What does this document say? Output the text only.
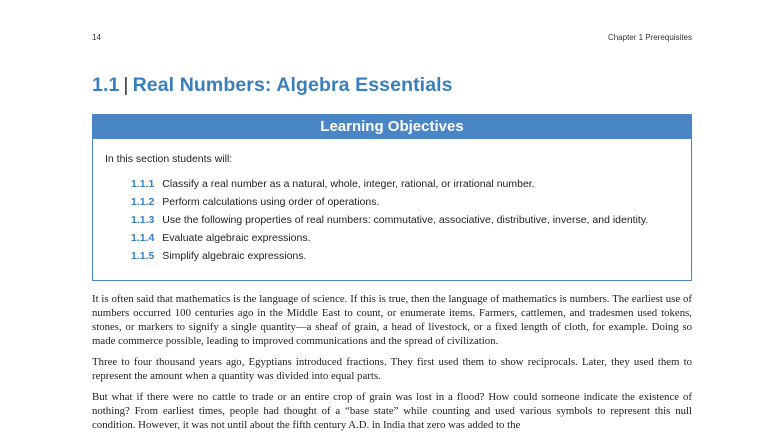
14	Chapter 1 Prerequisites
1.1 | Real Numbers: Algebra Essentials
Learning Objectives
In this section students will:
1.1.1 Classify a real number as a natural, whole, integer, rational, or irrational number.
1.1.2 Perform calculations using order of operations.
1.1.3 Use the following properties of real numbers: commutative, associative, distributive, inverse, and identity.
1.1.4 Evaluate algebraic expressions.
1.1.5 Simplify algebraic expressions.

It is often said that mathematics is the language of science. If this is true, then the language of mathematics is numbers. The earliest use of numbers occurred 100 centuries ago in the Middle East to count, or enumerate items. Farmers, cattlemen, and tradesmen used tokens, stones, or markers to signify a single quantity—a sheaf of grain, a head of livestock, or a fixed length of cloth, for example. Doing so made commerce possible, leading to improved communications and the spread of civilization.

Three to four thousand years ago, Egyptians introduced fractions. They first used them to show reciprocals. Later, they used them to represent the amount when a quantity was divided into equal parts.

But what if there were no cattle to trade or an entire crop of grain was lost in a flood? How could someone indicate the existence of nothing? From earliest times, people had thought of a “base state” while counting and used various symbols to represent this null condition. However, it was not until about the fifth century A.D. in India that zero was added to the
